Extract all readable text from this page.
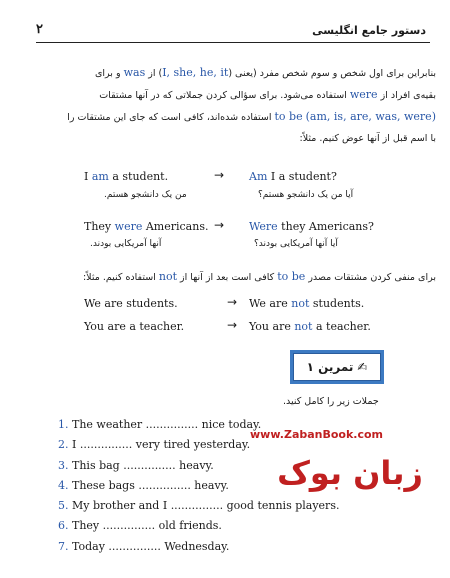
۲	دستور جامع انگلیسی
بنابراین برای اول شخص و سوم شخص مفرد (یعنی (I, she, he, it) از was و برای
بقیه‌ی افراد از were استفاده می‌شود. برای سؤالی کردن جملاتی که در آنها مشتقات
to be (am, is, are, was, were) استفاده شده‌اند، کافی است که جای این مشتقات را
با اسم قبل از آنها عوض کنیم. مثلاً:
I am a student.	→ Am I a student?
من یک دانشجو هستم.	آیا من یک دانشجو هستم؟
They were Americans. → Were they Americans?
آنها آمریکایی بودند.	آیا آنها آمریکایی بودند؟
برای منفی کردن مشتقات مصدر to be کافی است بعد از آنها از not استفاده کنیم. مثلاً:
We are students.	→ We are not students.
You are a teacher.	→ You are not a teacher.
✍
تمرین ۱
جملات زیر را کامل کنید.
1. The weather ............... nice today.
2. I ............... very tired yesterday.
3. This bag ............... heavy.
4. These bags ............... heavy.
5. My brother and I ............... good tennis players.
6. They ............... old friends.
7. Today ............... Wednesday.
www.ZabanBook.com
زبان بوک
